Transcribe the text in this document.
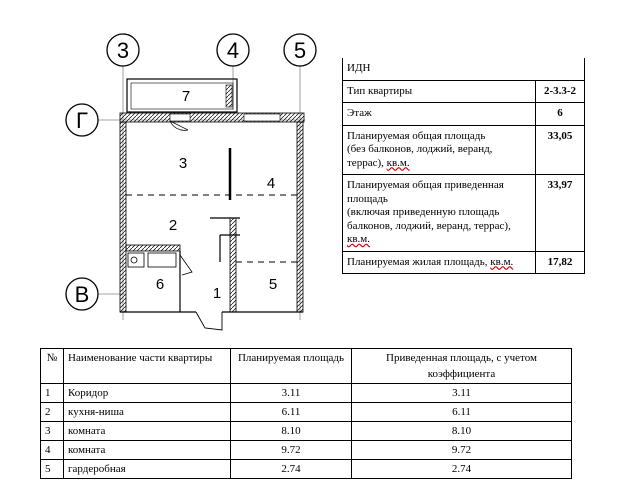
3	4 5
Г
В
7
3
4
2
6
1
5
ИДН	
Тип квартиры	2-3.3-2
Этаж	6
Планируемая общая площадь
(без балконов, лоджий, веранд,
террас), кв.м.	33,05
Планируемая общая приведенная
площадь
(включая приведенную площадь
балконов, лоджий, веранд, террас),
кв.м.	33,97
Планируемая жилая площадь, кв.м.	17,82
№	Наименование части квартиры	Планируемая площадь	Приведенная площадь, с учетом коэффициента
1	Коридор	3.11	3.11
2	кухня-ниша	6.11	6.11
3	комната	8.10	8.10
4	комната	9.72	9.72
5	гардеробная	2.74	2.74
